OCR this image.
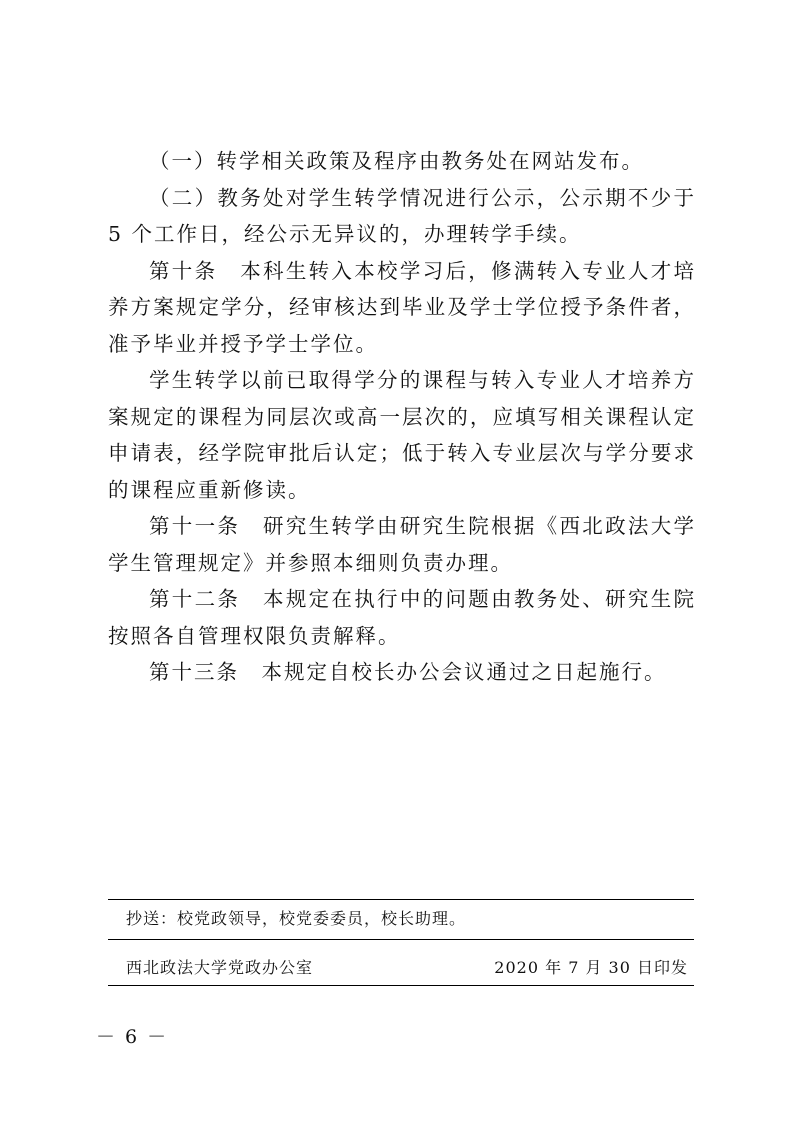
（一）转学相关政策及程序由教务处在网站发布。

（二）教务处对学生转学情况进行公示，公示期不少于 5 个工作日，经公示无异议的，办理转学手续。

第十条　本科生转入本校学习后，修满转入专业人才培养方案规定学分，经审核达到毕业及学士学位授予条件者，准予毕业并授予学士学位。

学生转学以前已取得学分的课程与转入专业人才培养方案规定的课程为同层次或高一层次的，应填写相关课程认定申请表，经学院审批后认定；低于转入专业层次与学分要求的课程应重新修读。

第十一条　研究生转学由研究生院根据《西北政法大学学生管理规定》并参照本细则负责办理。

第十二条　本规定在执行中的问题由教务处、研究生院按照各自管理权限负责解释。

第十三条　本规定自校长办公会议通过之日起施行。

抄送：校党政领导，校党委委员，校长助理。
西北政法大学党政办公室	2020 年 7 月 30 日印发
－ 6 －
